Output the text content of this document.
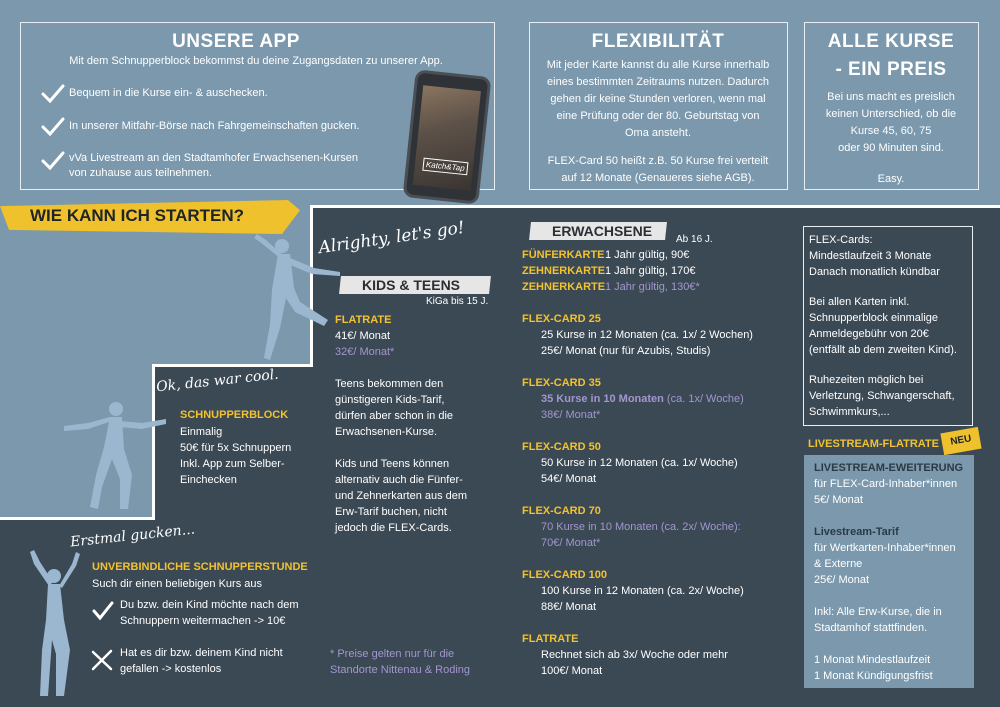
UNSERE APP
Mit dem Schnupperblock bekommst du deine Zugangsdaten zu unserer App.
Bequem in die Kurse ein- & auschecken.
In unserer Mitfahr-Börse nach Fahrgemeinschaften gucken.
vVa Livestream an den Stadtamhofer Erwachsenen-Kursen
von zuhause aus teilnehmen.
Katch&Tap
FLEXIBILITÄT
Mit jeder Karte kannst du alle Kurse innerhalb
eines bestimmten Zeitraums nutzen. Dadurch
gehen dir keine Stunden verloren, wenn mal
eine Prüfung oder der 80. Geburtstag von
Oma ansteht.
FLEX-Card 50 heißt z.B. 50 Kurse frei verteilt
auf 12 Monate (Genaueres siehe AGB).
ALLE KURSE
- EIN PREIS
Bei uns macht es preislich
keinen Unterschied, ob die
Kurse 45, 60, 75
oder 90 Minuten sind.
Easy.
WIE KANN ICH STARTEN?
Alrighty, let's go!
Ok, das war cool.
Erstmal gucken...
UNVERBINDLICHE SCHNUPPERSTUNDE
Such dir einen beliebigen Kurs aus
Du bzw. dein Kind möchte nach dem
Schnuppern weitermachen -> 10€
Hat es dir bzw. deinem Kind nicht
gefallen -> kostenlos
SCHNUPPERBLOCK
Einmalig
50€ für 5x Schnuppern
Inkl. App zum Selber-
Einchecken
KIDS & TEENS
KiGa bis 15 J.
FLATRATE
41€/ Monat
32€/ Monat*
Teens bekommen den
günstigeren Kids-Tarif,
dürfen aber schon in die
Erwachsenen-Kurse.
Kids und Teens können
alternativ auch die Fünfer-
und Zehnerkarten aus dem
Erw-Tarif buchen, nicht
jedoch die FLEX-Cards.
* Preise gelten nur für die
Standorte Nittenau & Roding
ERWACHSENE
Ab 16 J.
FÜNFERKARTE 1 Jahr gültig, 90€
ZEHNERKARTE 1 Jahr gültig, 170€
ZEHNERKARTE 1 Jahr gültig, 130€*
FLEX-CARD 25
25 Kurse in 12 Monaten (ca. 1x/ 2 Wochen)
25€/ Monat (nur für Azubis, Studis)
FLEX-CARD 35
35 Kurse in 10 Monaten (ca. 1x/ Woche)
38€/ Monat*
FLEX-CARD 50
50 Kurse in 12 Monaten (ca. 1x/ Woche)
54€/ Monat
FLEX-CARD 70
70 Kurse in 10 Monaten (ca. 2x/ Woche):
70€/ Monat*
FLEX-CARD 100
100 Kurse in 12 Monaten (ca. 2x/ Woche)
88€/ Monat
FLATRATE
Rechnet sich ab 3x/ Woche oder mehr
100€/ Monat
FLEX-Cards:
Mindestlaufzeit 3 Monate
Danach monatlich kündbar
Bei allen Karten inkl.
Schnupperblock einmalige
Anmeldegebühr von 20€
(entfällt ab dem zweiten Kind).
Ruhezeiten möglich bei
Verletzung, Schwangerschaft,
Schwimmkurs,...
LIVESTREAM-FLATRATE	NEU
LIVESTREAM-EWEITERUNG
für FLEX-Card-Inhaber*innen
5€/ Monat
Livestream-Tarif
für Wertkarten-Inhaber*innen
& Externe
25€/ Monat
Inkl: Alle Erw-Kurse, die in
Stadtamhof stattfinden.
1 Monat Mindestlaufzeit
1 Monat Kündigungsfrist
